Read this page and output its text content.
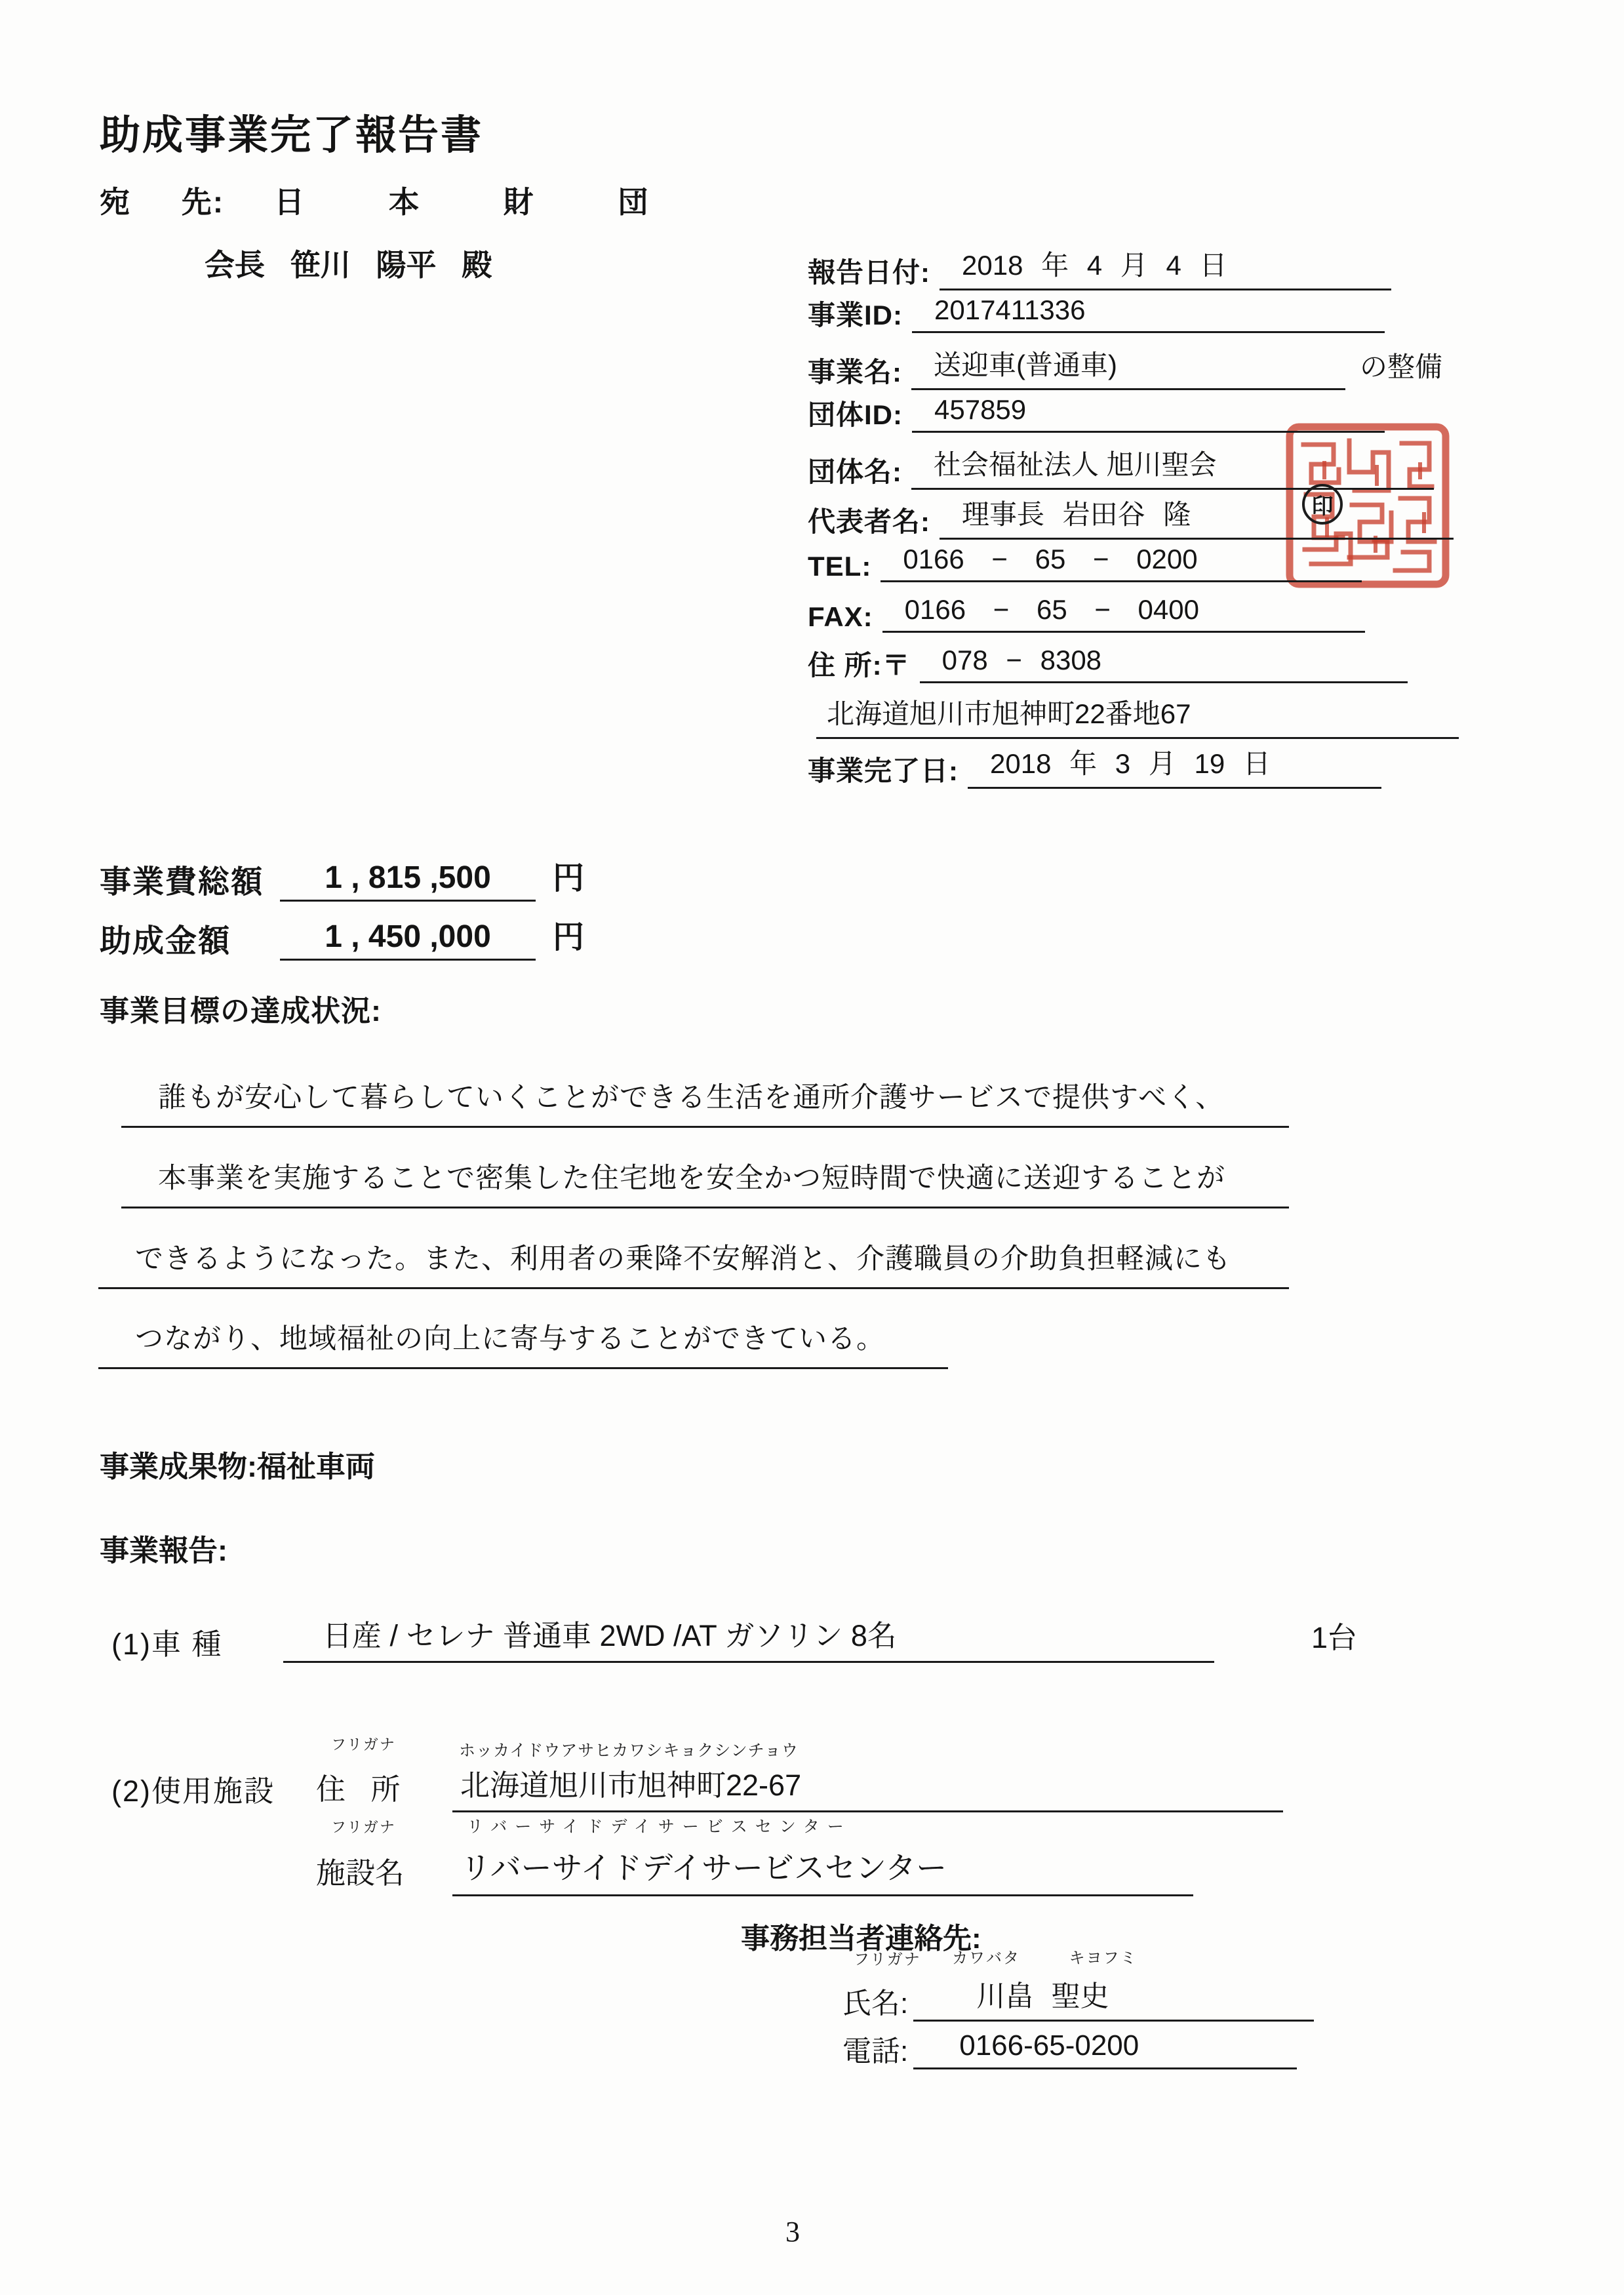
助成事業完了報告書
宛 先: 日 本 財 団
会長 笹川 陽平 殿
印
報告日付:	2018 年 4 月 4 日
事業ID:	2017411336
事業名:	送迎車(普通車)	の整備
団体ID:	457859
団体名:	社会福祉法人 旭川聖会
代表者名:	理事長 岩田谷 隆
TEL:	0166 − 65 − 0200
FAX:	0166 − 65 − 0400
住 所:〒	078 − 8308
北海道旭川市旭神町22番地67
事業完了日:	2018 年 3 月 19 日
事業費総額	1 , 815 ,500	円
助成金額	1 , 450 ,000	円
事業目標の達成状況:
誰もが安心して暮らしていくことができる生活を通所介護サービスで提供すべく、
本事業を実施することで密集した住宅地を安全かつ短時間で快適に送迎することが
できるようになった。また、利用者の乗降不安解消と、介護職員の介助負担軽減にも
つながり、地域福祉の向上に寄与することができている。
事業成果物: 福祉車両
事業報告:
(1)車 種	日産 / セレナ 普通車 2WD /AT ガソリン 8名	1台
(2)使用施設
フリガナ
住 所
ホッカイドウアサヒカワシキョクシンチョウ
北海道旭川市旭神町22-67
フリガナ
施設名
リバーサイドデイサービスセンター
リバーサイドデイサービスセンター
事務担当者連絡先:
フリガナ カワバタ キヨフミ
氏名:	川畠 聖史
電話:	0166-65-0200
3
